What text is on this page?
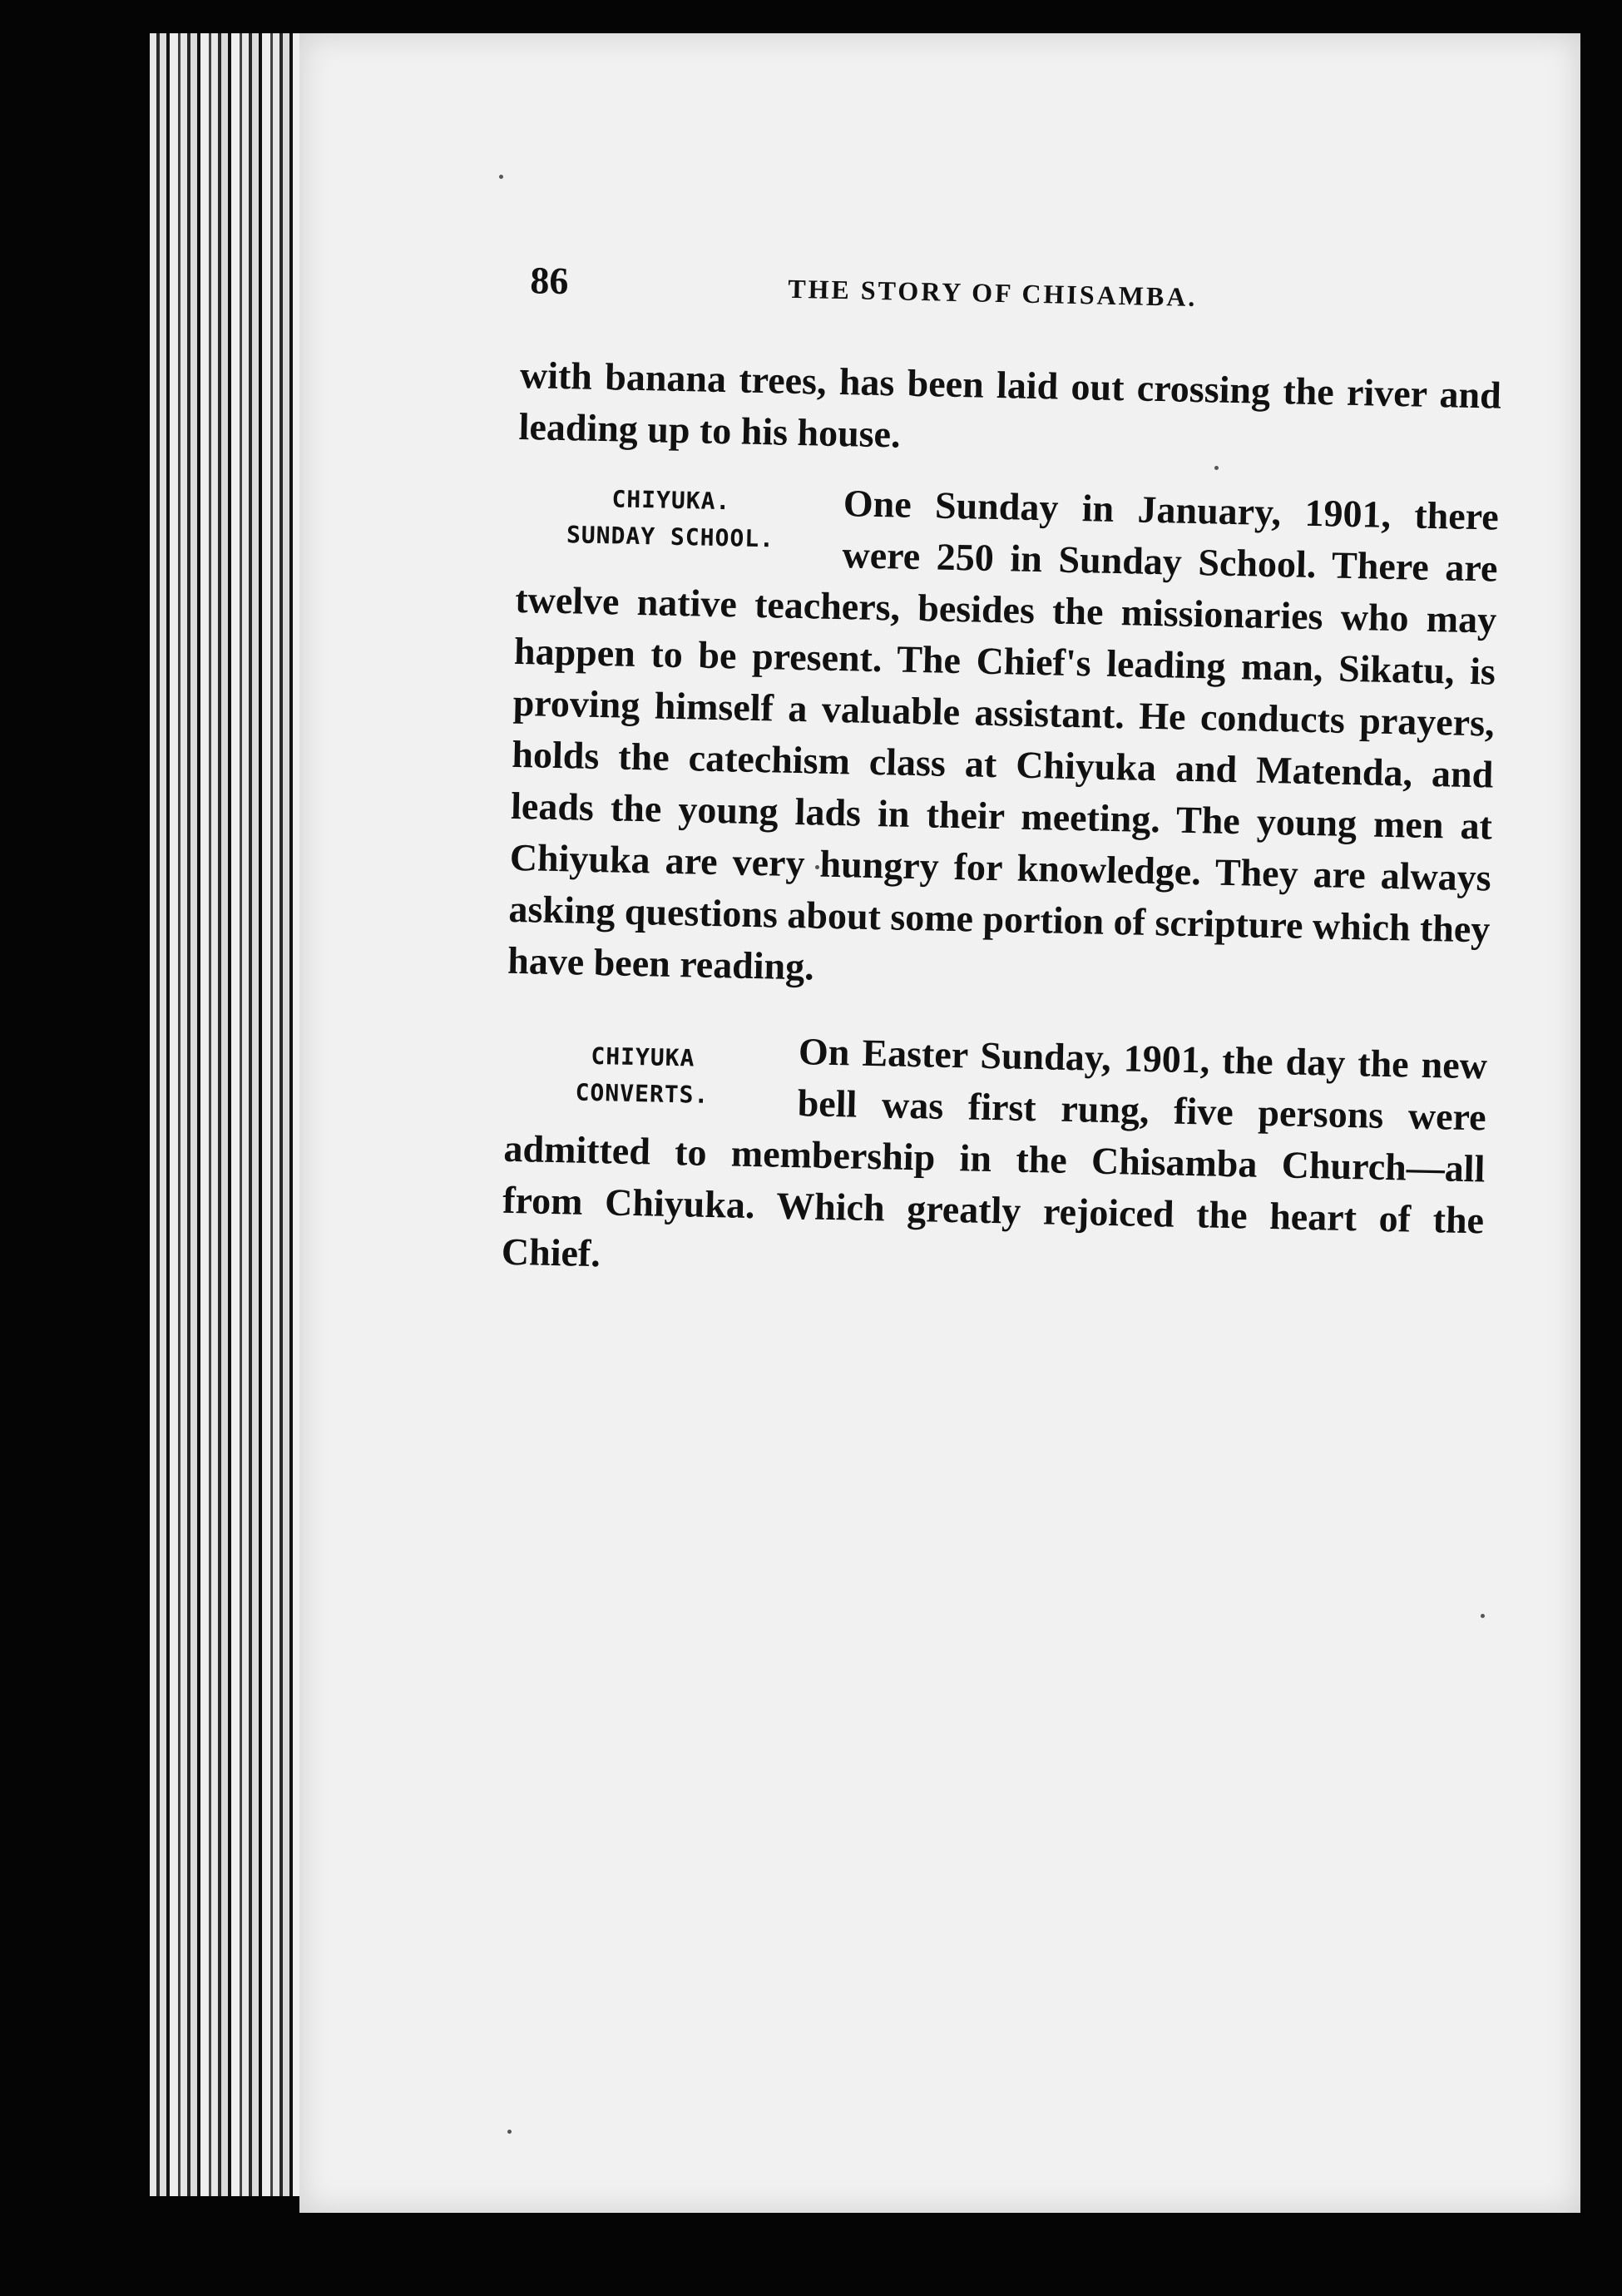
86	THE STORY OF CHISAMBA.

with banana trees, has been laid out crossing the river and leading up to his house.

CHIYUKA.
SUNDAY SCHOOL.	One Sunday in January, 1901, there were 250 in Sunday School. There are twelve native teachers, besides the missionaries who may happen to be present. The Chief's leading man, Sikatu, is proving himself a valuable assistant. He conducts prayers, holds the catechism class at Chiyuka and Matenda, and leads the young lads in their meeting. The young men at Chiyuka are very hungry for knowledge. They are always asking questions about some portion of scripture which they have been reading.

CHIYUKA
CONVERTS.

On Easter Sunday, 1901, the day the new bell was first rung, five persons were admitted to membership in the Chisamba Church—all from Chiyuka. Which greatly rejoiced the heart of the Chief.
